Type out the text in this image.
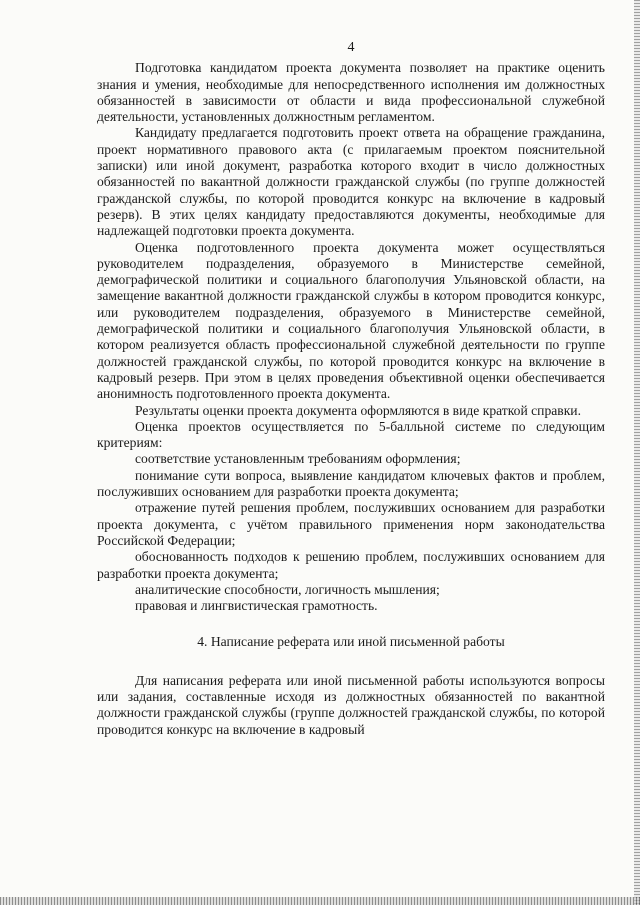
4

Подготовка кандидатом проекта документа позволяет на практике оценить знания и умения, необходимые для непосредственного исполнения им должностных обязанностей в зависимости от области и вида профессиональной служебной деятельности, установленных должностным регламентом.

Кандидату предлагается подготовить проект ответа на обращение гражданина, проект нормативного правового акта (с прилагаемым проектом пояснительной записки) или иной документ, разработка которого входит в число должностных обязанностей по вакантной должности гражданской службы (по группе должностей гражданской службы, по которой проводится конкурс на включение в кадровый резерв). В этих целях кандидату предоставляются документы, необходимые для надлежащей подготовки проекта документа.

Оценка подготовленного проекта документа может осуществляться руководителем подразделения, образуемого в Министерстве семейной, демографической политики и социального благополучия Ульяновской области, на замещение вакантной должности гражданской службы в котором проводится конкурс, или руководителем подразделения, образуемого в Министерстве семейной, демографической политики и социального благополучия Ульяновской области, в котором реализуется область профессиональной служебной деятельности по группе должностей гражданской службы, по которой проводится конкурс на включение в кадровый резерв. При этом в целях проведения объективной оценки обеспечивается анонимность подготовленного проекта документа.

Результаты оценки проекта документа оформляются в виде краткой справки.

Оценка проектов осуществляется по 5-балльной системе по следующим критериям:

соответствие установленным требованиям оформления;

понимание сути вопроса, выявление кандидатом ключевых фактов и проблем, послуживших основанием для разработки проекта документа;

отражение путей решения проблем, послуживших основанием для разработки проекта документа, с учётом правильного применения норм законодательства Российской Федерации;

обоснованность подходов к решению проблем, послуживших основанием для разработки проекта документа;

аналитические способности, логичность мышления;

правовая и лингвистическая грамотность.

4. Написание реферата или иной письменной работы

Для написания реферата или иной письменной работы используются вопросы или задания, составленные исходя из должностных обязанностей по вакантной должности гражданской службы (группе должностей гражданской службы, по которой проводится конкурс на включение в кадровый
